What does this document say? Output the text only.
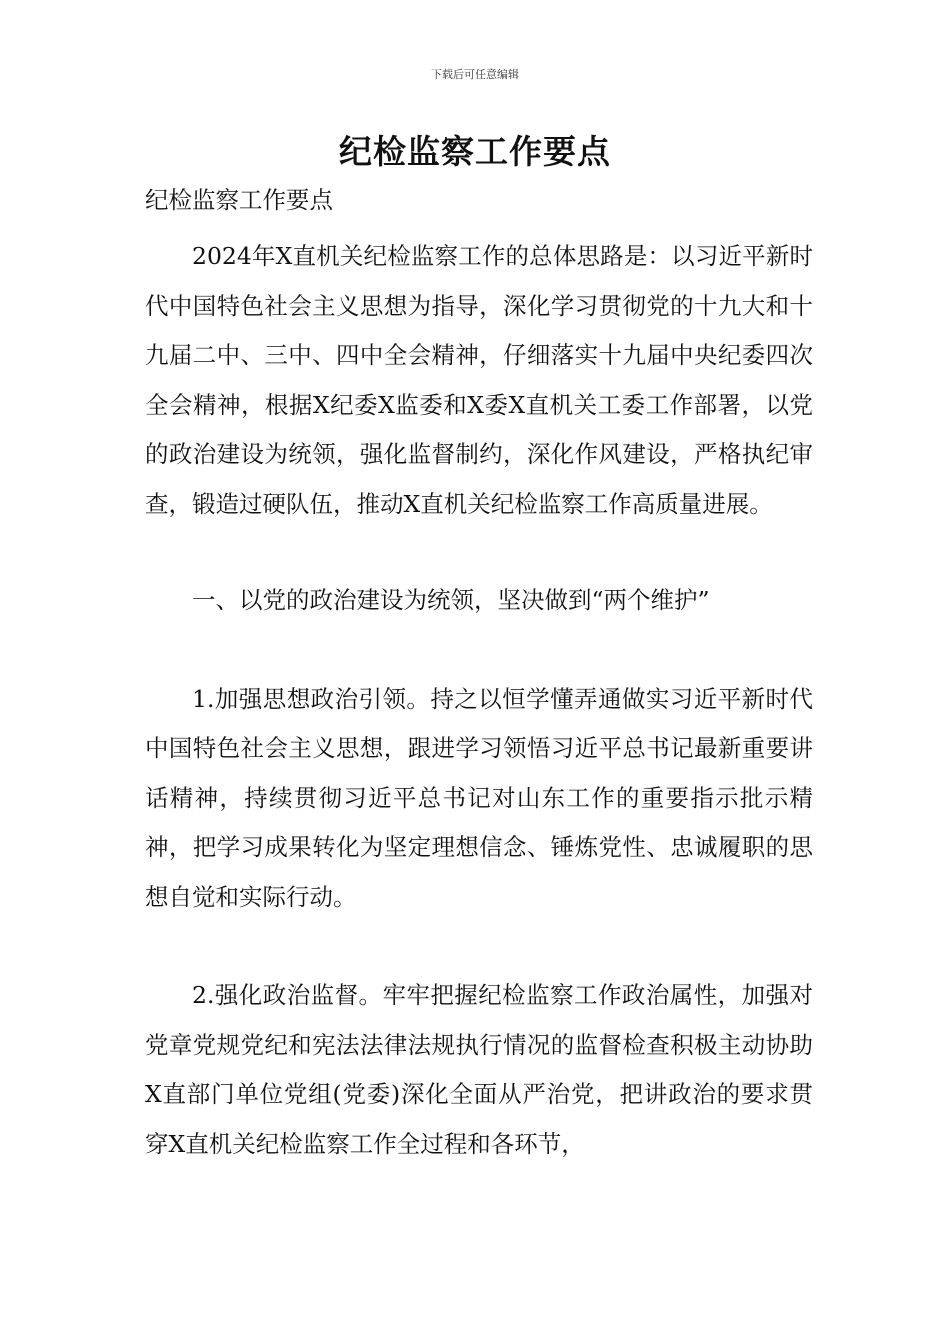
下载后可任意编辑
纪检监察工作要点

纪检监察工作要点

2024年X直机关纪检监察工作的总体思路是：以习近平新时代中国特色社会主义思想为指导，深化学习贯彻党的十九大和十九届二中、三中、四中全会精神，仔细落实十九届中央纪委四次全会精神，根据X纪委X监委和X委X直机关工委工作部署，以党的政治建设为统领，强化监督制约，深化作风建设，严格执纪审查，锻造过硬队伍，推动X直机关纪检监察工作高质量进展。

一、以党的政治建设为统领，坚决做到“两个维护”

1.加强思想政治引领。持之以恒学懂弄通做实习近平新时代中国特色社会主义思想，跟进学习领悟习近平总书记最新重要讲话精神，持续贯彻习近平总书记对山东工作的重要指示批示精神，把学习成果转化为坚定理想信念、锤炼党性、忠诚履职的思想自觉和实际行动。

2.强化政治监督。牢牢把握纪检监察工作政治属性，加强对党章党规党纪和宪法法律法规执行情况的监督检查积极主动协助X直部门单位党组(党委)深化全面从严治党，把讲政治的要求贯穿X直机关纪检监察工作全过程和各环节，
